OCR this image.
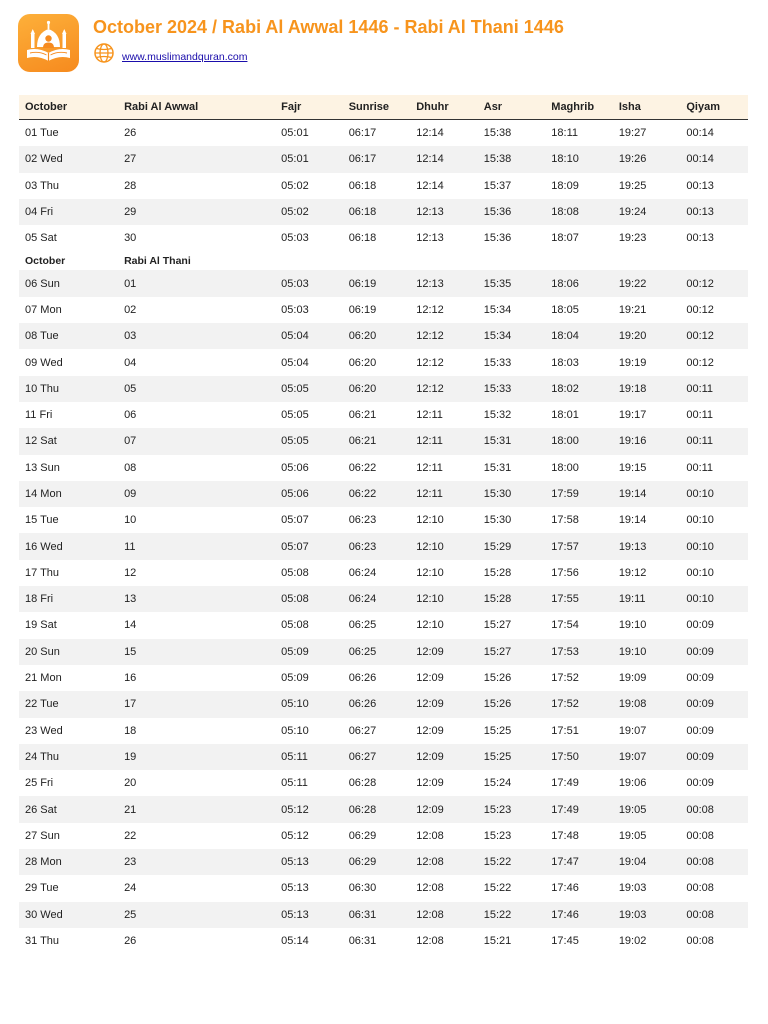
October 2024 / Rabi Al Awwal 1446 - Rabi Al Thani 1446
www.muslimandquran.com
October	Rabi Al Awwal	Fajr	Sunrise	Dhuhr	Asr	Maghrib	Isha	Qiyam
01 Tue	26	05:01	06:17	12:14	15:38	18:11	19:27	00:14
02 Wed	27	05:01	06:17	12:14	15:38	18:10	19:26	00:14
03 Thu	28	05:02	06:18	12:14	15:37	18:09	19:25	00:13
04 Fri	29	05:02	06:18	12:13	15:36	18:08	19:24	00:13
05 Sat	30	05:03	06:18	12:13	15:36	18:07	19:23	00:13
October	Rabi Al Thani							
06 Sun	01	05:03	06:19	12:13	15:35	18:06	19:22	00:12
07 Mon	02	05:03	06:19	12:12	15:34	18:05	19:21	00:12
08 Tue	03	05:04	06:20	12:12	15:34	18:04	19:20	00:12
09 Wed	04	05:04	06:20	12:12	15:33	18:03	19:19	00:12
10 Thu	05	05:05	06:20	12:12	15:33	18:02	19:18	00:11
11 Fri	06	05:05	06:21	12:11	15:32	18:01	19:17	00:11
12 Sat	07	05:05	06:21	12:11	15:31	18:00	19:16	00:11
13 Sun	08	05:06	06:22	12:11	15:31	18:00	19:15	00:11
14 Mon	09	05:06	06:22	12:11	15:30	17:59	19:14	00:10
15 Tue	10	05:07	06:23	12:10	15:30	17:58	19:14	00:10
16 Wed	11	05:07	06:23	12:10	15:29	17:57	19:13	00:10
17 Thu	12	05:08	06:24	12:10	15:28	17:56	19:12	00:10
18 Fri	13	05:08	06:24	12:10	15:28	17:55	19:11	00:10
19 Sat	14	05:08	06:25	12:10	15:27	17:54	19:10	00:09
20 Sun	15	05:09	06:25	12:09	15:27	17:53	19:10	00:09
21 Mon	16	05:09	06:26	12:09	15:26	17:52	19:09	00:09
22 Tue	17	05:10	06:26	12:09	15:26	17:52	19:08	00:09
23 Wed	18	05:10	06:27	12:09	15:25	17:51	19:07	00:09
24 Thu	19	05:11	06:27	12:09	15:25	17:50	19:07	00:09
25 Fri	20	05:11	06:28	12:09	15:24	17:49	19:06	00:09
26 Sat	21	05:12	06:28	12:09	15:23	17:49	19:05	00:08
27 Sun	22	05:12	06:29	12:08	15:23	17:48	19:05	00:08
28 Mon	23	05:13	06:29	12:08	15:22	17:47	19:04	00:08
29 Tue	24	05:13	06:30	12:08	15:22	17:46	19:03	00:08
30 Wed	25	05:13	06:31	12:08	15:22	17:46	19:03	00:08
31 Thu	26	05:14	06:31	12:08	15:21	17:45	19:02	00:08
